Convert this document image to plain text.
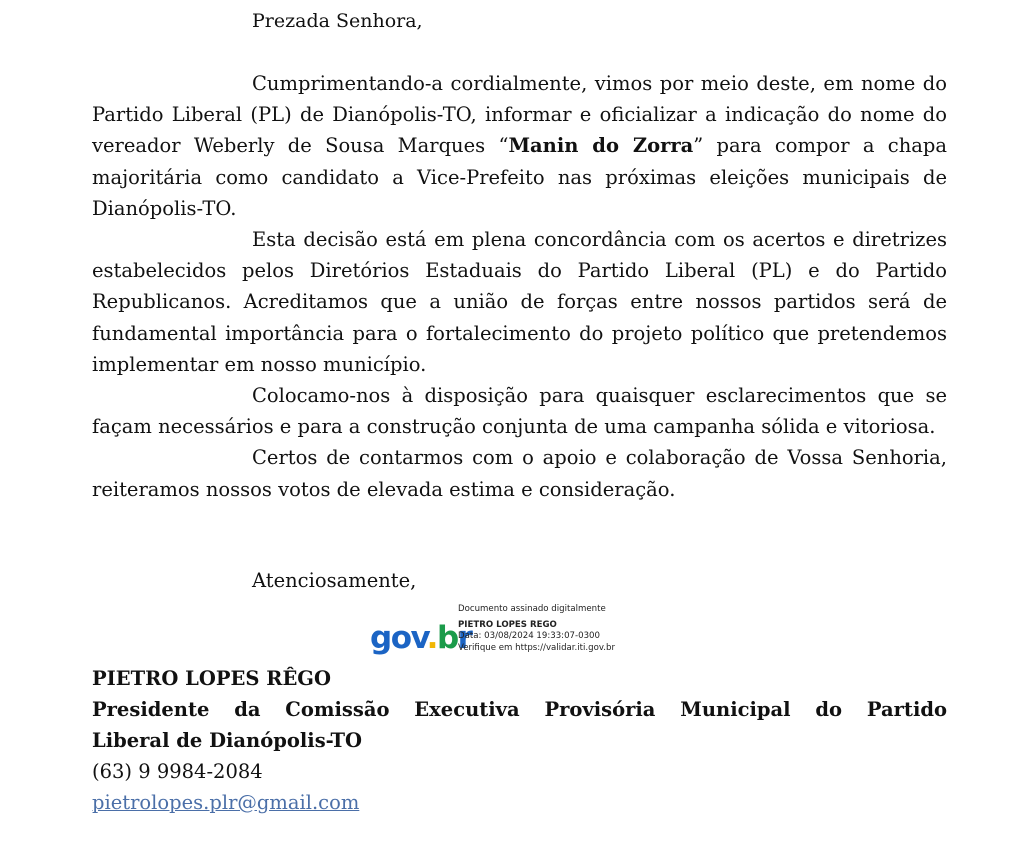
Prezada Senhora,

Cumprimentando-a cordialmente, vimos por meio deste, em nome do Partido Liberal (PL) de Dianópolis-TO, informar e oficializar a indicação do nome do vereador Weberly de Sousa Marques “Manin do Zorra” para compor a chapa majoritária como candidato a Vice-Prefeito nas próximas eleições municipais de Dianópolis-TO.

Esta decisão está em plena concordância com os acertos e diretrizes estabelecidos pelos Diretórios Estaduais do Partido Liberal (PL) e do Partido Republicanos. Acreditamos que a união de forças entre nossos partidos será de fundamental importância para o fortalecimento do projeto político que pretendemos implementar em nosso município.

Colocamo-nos à disposição para quaisquer esclarecimentos que se façam necessários e para a construção conjunta de uma campanha sólida e vitoriosa.

Certos de contarmos com o apoio e colaboração de Vossa Senhoria, reiteramos nossos votos de elevada estima e consideração.

Atenciosamente,
gov.br
Documento assinado digitalmente
PIETRO LOPES REGO
Data: 03/08/2024 19:33:07-0300
Verifique em https://validar.iti.gov.br
PIETRO LOPES RÊGO
Presidente da Comissão Executiva Provisória Municipal do Partido
Liberal de Dianópolis-TO
(63) 9 9984-2084
pietrolopes.plr@gmail.com
